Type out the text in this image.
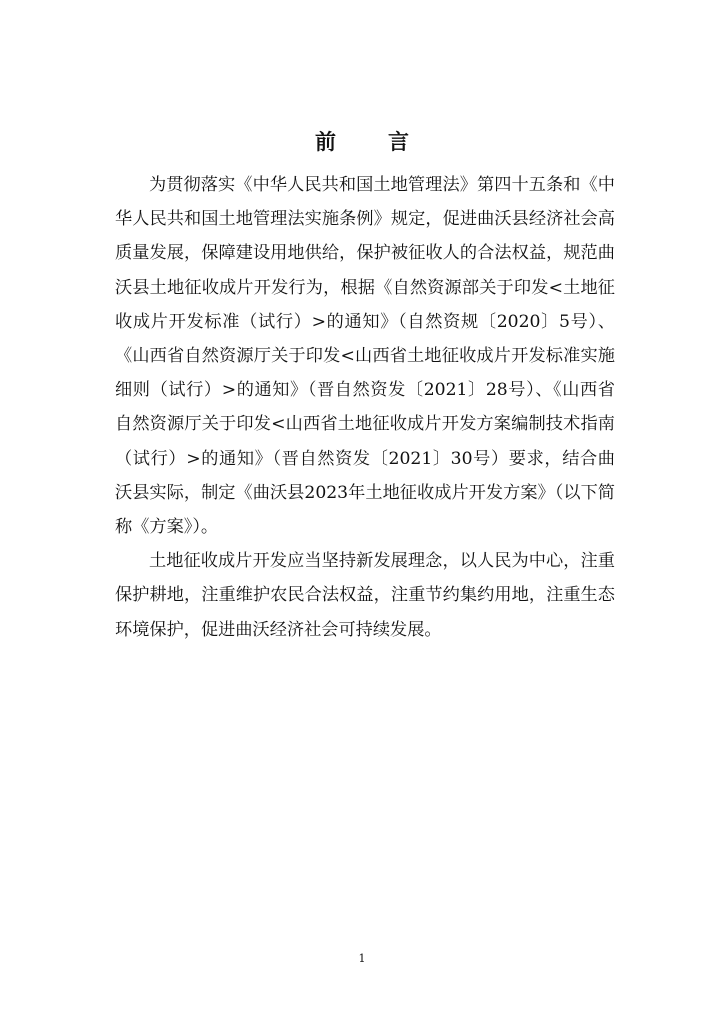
前言

为贯彻落实《中华人民共和国土地管理法》第四十五条和《中华人民共和国土地管理法实施条例》规定，促进曲沃县经济社会高质量发展，保障建设用地供给，保护被征收人的合法权益，规范曲沃县土地征收成片开发行为，根据《自然资源部关于印发<土地征收成片开发标准（试行）>的通知》（自然资规〔2020〕5号）、《山西省自然资源厅关于印发<山西省土地征收成片开发标准实施细则（试行）>的通知》（晋自然资发〔2021〕28号）、《山西省自然资源厅关于印发<山西省土地征收成片开发方案编制技术指南（试行）>的通知》（晋自然资发〔2021〕30号）要求，结合曲沃县实际，制定《曲沃县2023年土地征收成片开发方案》（以下简称《方案》）。

土地征收成片开发应当坚持新发展理念，以人民为中心，注重保护耕地，注重维护农民合法权益，注重节约集约用地，注重生态环境保护，促进曲沃经济社会可持续发展。

1
